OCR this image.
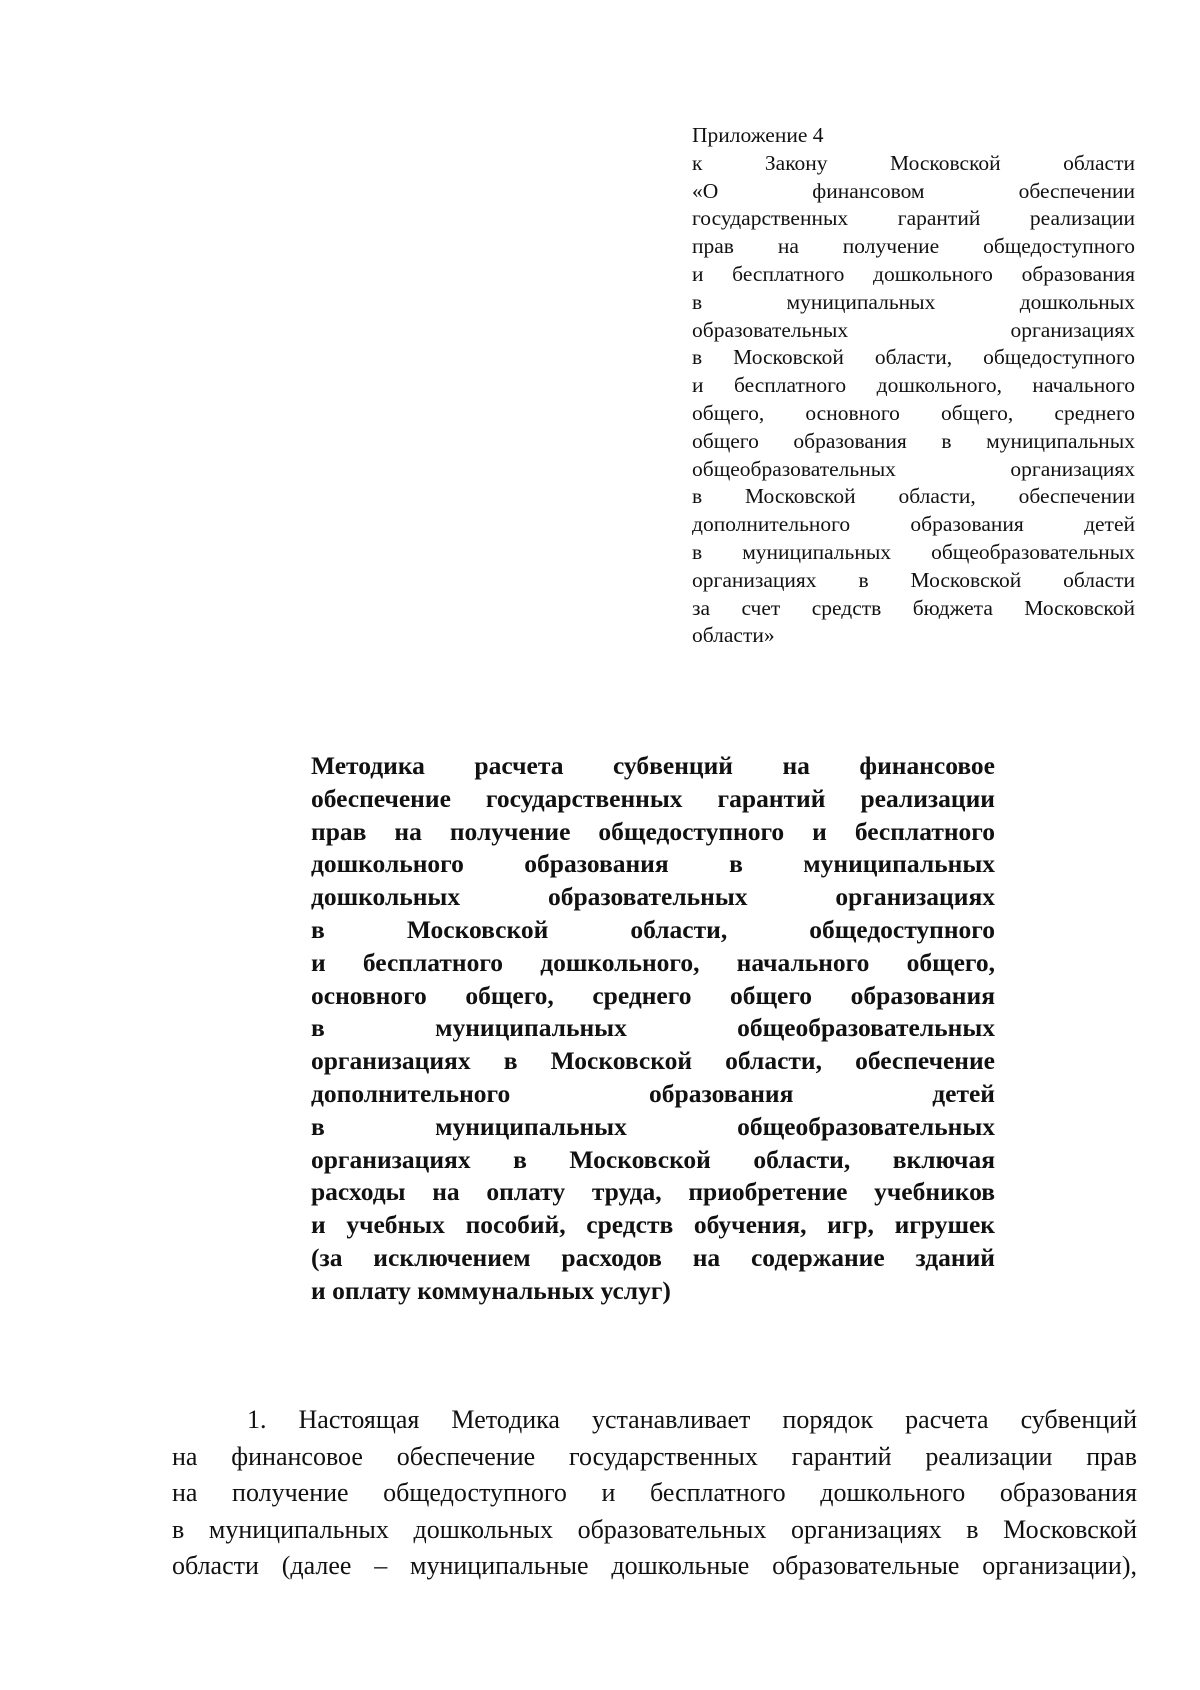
Приложение 4
к Закону Московской области
«О финансовом обеспечении
государственных гарантий реализации
прав на получение общедоступного
и бесплатного дошкольного образования
в муниципальных дошкольных
образовательных организациях
в Московской области, общедоступного
и бесплатного дошкольного, начального
общего, основного общего, среднего
общего образования в муниципальных
общеобразовательных организациях
в Московской области, обеспечении
дополнительного образования детей
в муниципальных общеобразовательных
организациях в Московской области
за счет средств бюджета Московской
области»
Методика расчета субвенций на финансовое
обеспечение государственных гарантий реализации
прав на получение общедоступного и бесплатного
дошкольного образования в муниципальных
дошкольных образовательных организациях
в Московской области, общедоступного
и бесплатного дошкольного, начального общего,
основного общего, среднего общего образования
в муниципальных общеобразовательных
организациях в Московской области, обеспечение
дополнительного образования детей
в муниципальных общеобразовательных
организациях в Московской области, включая
расходы на оплату труда, приобретение учебников
и учебных пособий, средств обучения, игр, игрушек
(за исключением расходов на содержание зданий
и оплату коммунальных услуг)
1. Настоящая Методика устанавливает порядок расчета субвенций
на финансовое обеспечение государственных гарантий реализации прав
на получение общедоступного и бесплатного дошкольного образования
в муниципальных дошкольных образовательных организациях в Московской
области (далее – муниципальные дошкольные образовательные организации),
